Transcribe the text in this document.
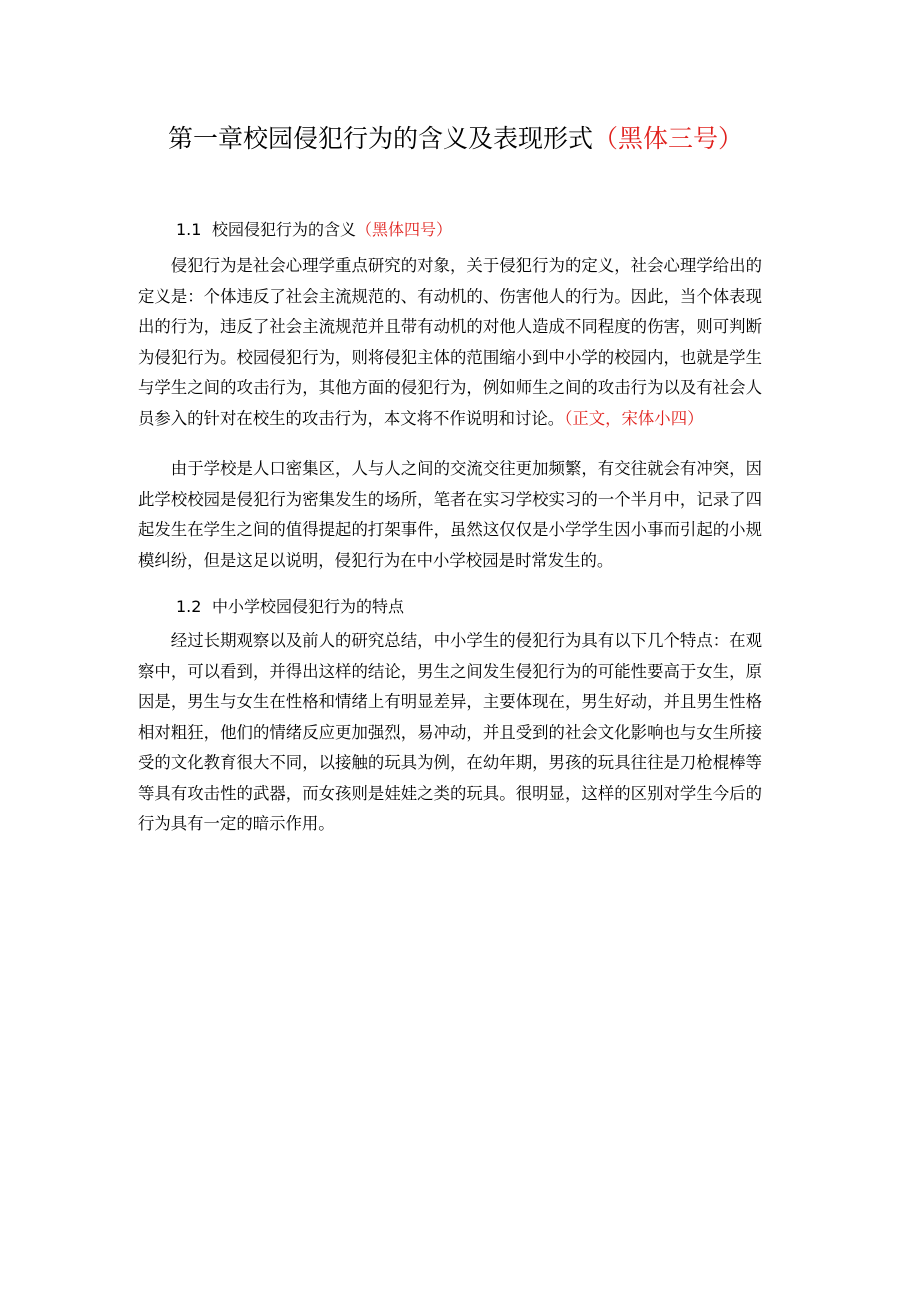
第一章校园侵犯行为的含义及表现形式（黑体三号）
1.1 校园侵犯行为的含义（黑体四号）

侵犯行为是社会心理学重点研究的对象，关于侵犯行为的定义，社会心理学给出的定义是：个体违反了社会主流规范的、有动机的、伤害他人的行为。因此，当个体表现出的行为，违反了社会主流规范并且带有动机的对他人造成不同程度的伤害，则可判断为侵犯行为。校园侵犯行为，则将侵犯主体的范围缩小到中小学的校园内，也就是学生与学生之间的攻击行为，其他方面的侵犯行为，例如师生之间的攻击行为以及有社会人员参入的针对在校生的攻击行为，本文将不作说明和讨论。（正文，宋体小四）

由于学校是人口密集区，人与人之间的交流交往更加频繁，有交往就会有冲突，因此学校校园是侵犯行为密集发生的场所，笔者在实习学校实习的一个半月中，记录了四起发生在学生之间的值得提起的打架事件，虽然这仅仅是小学学生因小事而引起的小规模纠纷，但是这足以说明，侵犯行为在中小学校园是时常发生的。

1.2 中小学校园侵犯行为的特点

经过长期观察以及前人的研究总结，中小学生的侵犯行为具有以下几个特点：在观察中，可以看到，并得出这样的结论，男生之间发生侵犯行为的可能性要高于女生，原因是，男生与女生在性格和情绪上有明显差异，主要体现在，男生好动，并且男生性格相对粗狂，他们的情绪反应更加强烈，易冲动，并且受到的社会文化影响也与女生所接受的文化教育很大不同，以接触的玩具为例，在幼年期，男孩的玩具往往是刀枪棍棒等等具有攻击性的武器，而女孩则是娃娃之类的玩具。很明显，这样的区别对学生今后的行为具有一定的暗示作用。
